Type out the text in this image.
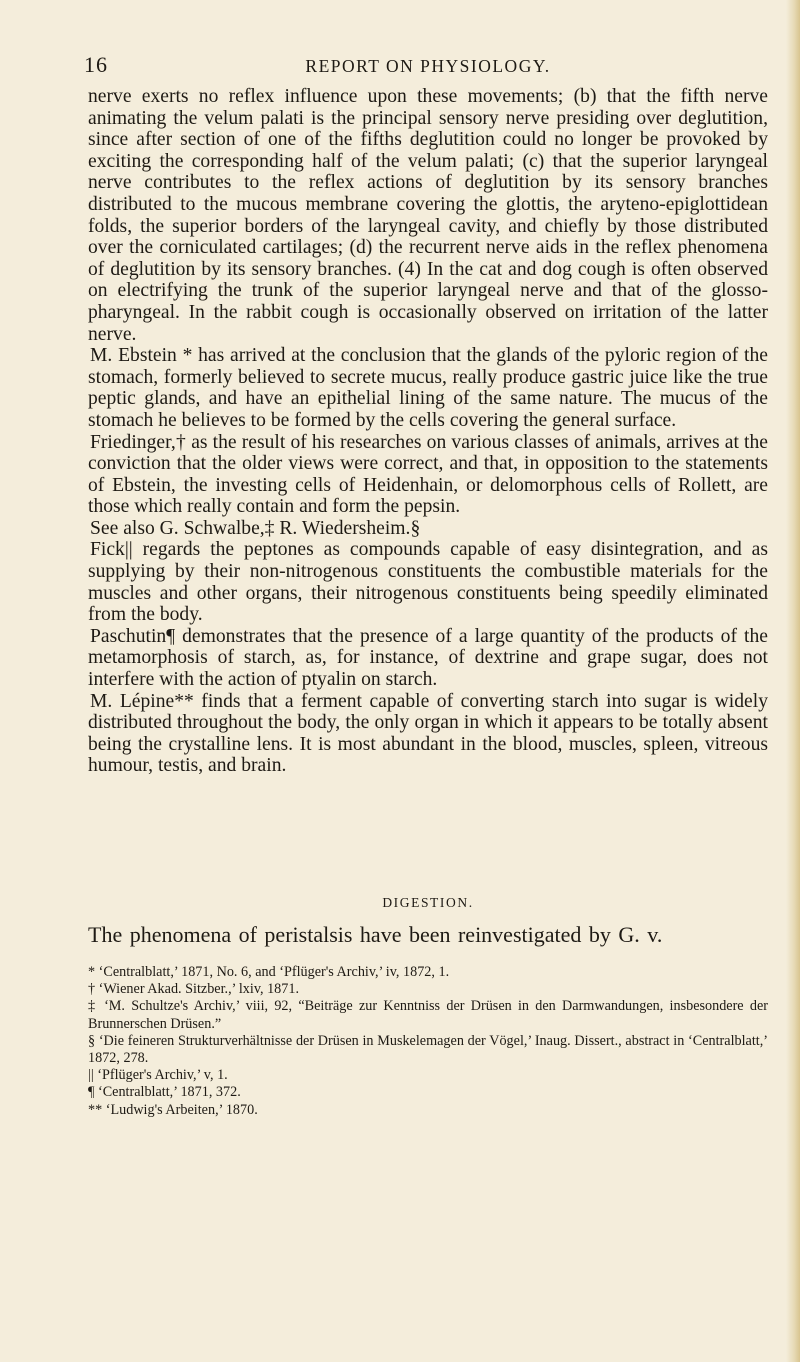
16	REPORT ON PHYSIOLOGY.

nerve exerts no reflex influence upon these movements; (b) that the fifth nerve animating the velum palati is the principal sensory nerve presiding over deglutition, since after section of one of the fifths deglutition could no longer be provoked by exciting the corresponding half of the velum palati; (c) that the superior laryngeal nerve contributes to the reflex actions of deglutition by its sensory branches distributed to the mucous membrane covering the glottis, the aryteno-epiglottidean folds, the superior borders of the laryngeal cavity, and chiefly by those distributed over the corniculated cartilages; (d) the recurrent nerve aids in the reflex phenomena of deglutition by its sensory branches. (4) In the cat and dog cough is often observed on electrifying the trunk of the superior laryngeal nerve and that of the glosso-pharyngeal. In the rabbit cough is occasionally observed on irritation of the latter nerve.

M. Ebstein * has arrived at the conclusion that the glands of the pyloric region of the stomach, formerly believed to secrete mucus, really produce gastric juice like the true peptic glands, and have an epithelial lining of the same nature. The mucus of the stomach he believes to be formed by the cells covering the general surface.

Friedinger,† as the result of his researches on various classes of animals, arrives at the conviction that the older views were correct, and that, in opposition to the statements of Ebstein, the investing cells of Heidenhain, or delomorphous cells of Rollett, are those which really contain and form the pepsin.

See also G. Schwalbe,‡ R. Wiedersheim.§

Fick|| regards the peptones as compounds capable of easy disintegration, and as supplying by their non-nitrogenous constituents the combustible materials for the muscles and other organs, their nitrogenous constituents being speedily eliminated from the body.

Paschutin¶ demonstrates that the presence of a large quantity of the products of the metamorphosis of starch, as, for instance, of dextrine and grape sugar, does not interfere with the action of ptyalin on starch.

M. Lépine** finds that a ferment capable of converting starch into sugar is widely distributed throughout the body, the only organ in which it appears to be totally absent being the crystalline lens. It is most abundant in the blood, muscles, spleen, vitreous humour, testis, and brain.

DIGESTION.
The phenomena of peristalsis have been reinvestigated by G. v.

* ‘Centralblatt,’ 1871, No. 6, and ‘Pflüger's Archiv,’ iv, 1872, 1.

† ‘Wiener Akad. Sitzber.,’ lxiv, 1871.

‡ ‘M. Schultze's Archiv,’ viii, 92, “Beiträge zur Kenntniss der Drüsen in den Darmwandungen, insbesondere der Brunnerschen Drüsen.”

§ ‘Die feineren Strukturverhältnisse der Drüsen in Muskelemagen der Vögel,’ Inaug. Dissert., abstract in ‘Centralblatt,’ 1872, 278.

|| ‘Pflüger's Archiv,’ v, 1.

¶ ‘Centralblatt,’ 1871, 372.

** ‘Ludwig's Arbeiten,’ 1870.
